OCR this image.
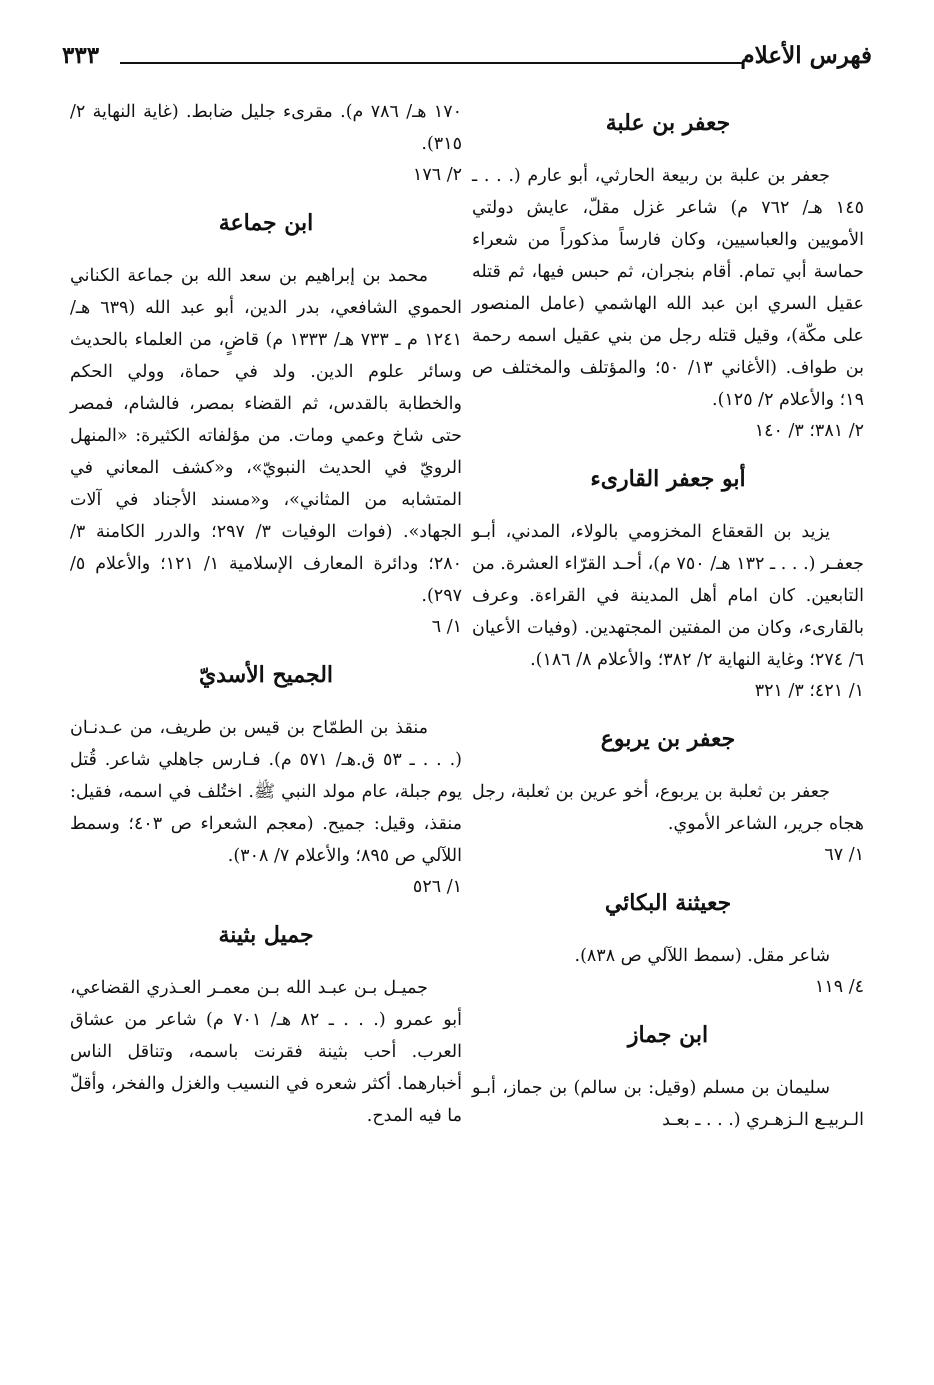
فهرس الأعلام
٣٣٣
جعفر بن علبة

جعفر بن علبة بن ربيعة الحارثي، أبو عارم (. . . ـ ١٤٥ هـ/ ٧٦٢ م) شاعر غزل مقلّ، عايش دولتي الأمويين والعباسيين، وكان فارساً مذكوراً من شعراء حماسة أبي تمام. أقام بنجران، ثم حبس فيها، ثم قتله عقيل السري ابن عبد الله الهاشمي (عامل المنصور على مكّة)، وقيل قتله رجل من بني عقيل اسمه رحمة بن طواف. (الأغاني ١٣/ ٥٠؛ والمؤتلف والمختلف ص ١٩؛ والأعلام ٢/ ١٢٥).

٢/ ٣٨١؛ ٣/ ١٤٠
أبو جعفر القارىء

يزيد بن القعقاع المخزومي بالولاء، المدني، أبـو جعفـر (. . . ـ ١٣٢ هـ/ ٧٥٠ م)، أحـد القرّاء العشرة. من التابعين. كان امام أهل المدينة في القراءة. وعرف بالقارىء، وكان من المفتين المجتهدين. (وفيات الأعيان ٦/ ٢٧٤؛ وغاية النهاية ٢/ ٣٨٢؛ والأعلام ٨/ ١٨٦).

١/ ٤٢١؛ ٣/ ٣٢١
جعفر بن يربوع

جعفر بن ثعلبة بن يربوع، أخو عرين بن ثعلبة، رجل هجاه جرير، الشاعر الأموي.

١/ ٦٧
جعيثنة البكائي

شاعر مقل. (سمط اللآلي ص ٨٣٨).

٤/ ١١٩
ابن جماز

سليمان بن مسلم (وقيل: بن سالم) بن جماز، أبـو الـربيـع الـزهـري (. . . ـ بعـد

١٧٠ هـ/ ٧٨٦ م). مقرىء جليل ضابط. (غاية النهاية ٢/ ٣١٥).

٢/ ١٧٦
ابن جماعة

محمد بن إبراهيم بن سعد الله بن جماعة الكناني الحموي الشافعي، بدر الدين، أبو عبد الله (٦٣٩ هـ/ ١٢٤١ م ـ ٧٣٣ هـ/ ١٣٣٣ م) قاضٍ، من العلماء بالحديث وسائر علوم الدين. ولد في حماة، وولي الحكم والخطابة بالقدس، ثم القضاء بمصر، فالشام، فمصر حتى شاخ وعمي ومات. من مؤلفاته الكثيرة: «المنهل الرويّ في الحديث النبويّ»، و«كشف المعاني في المتشابه من المثاني»، و«مسند الأجناد في آلات الجهاد». (فوات الوفيات ٣/ ٢٩٧؛ والدرر الكامنة ٣/ ٢٨٠؛ ودائرة المعارف الإسلامية ١/ ١٢١؛ والأعلام ٥/ ٢٩٧).

١/ ٦
الجميح الأسديّ

منقذ بن الطمّاح بن قيس بن طريف، من عـدنـان (. . . ـ ٥٣ ق.هـ/ ٥٧١ م). فـارس جاهلي شاعر. قُتل يوم جبلة، عام مولد النبي ﷺ. اختُلف في اسمه، فقيل: منقذ، وقيل: جميح. (معجم الشعراء ص ٤٠٣؛ وسمط اللآلي ص ٨٩٥؛ والأعلام ٧/ ٣٠٨).

١/ ٥٢٦
جميل بثينة

جميـل بـن عبـد الله بـن معمـر العـذري القضاعي، أبو عمرو (. . . ـ ٨٢ هـ/ ٧٠١ م) شاعر من عشاق العرب. أحب بثينة فقرنت باسمه، وتناقل الناس أخبارهما. أكثر شعره في النسيب والغزل والفخر، وأقلّ ما فيه المدح.
